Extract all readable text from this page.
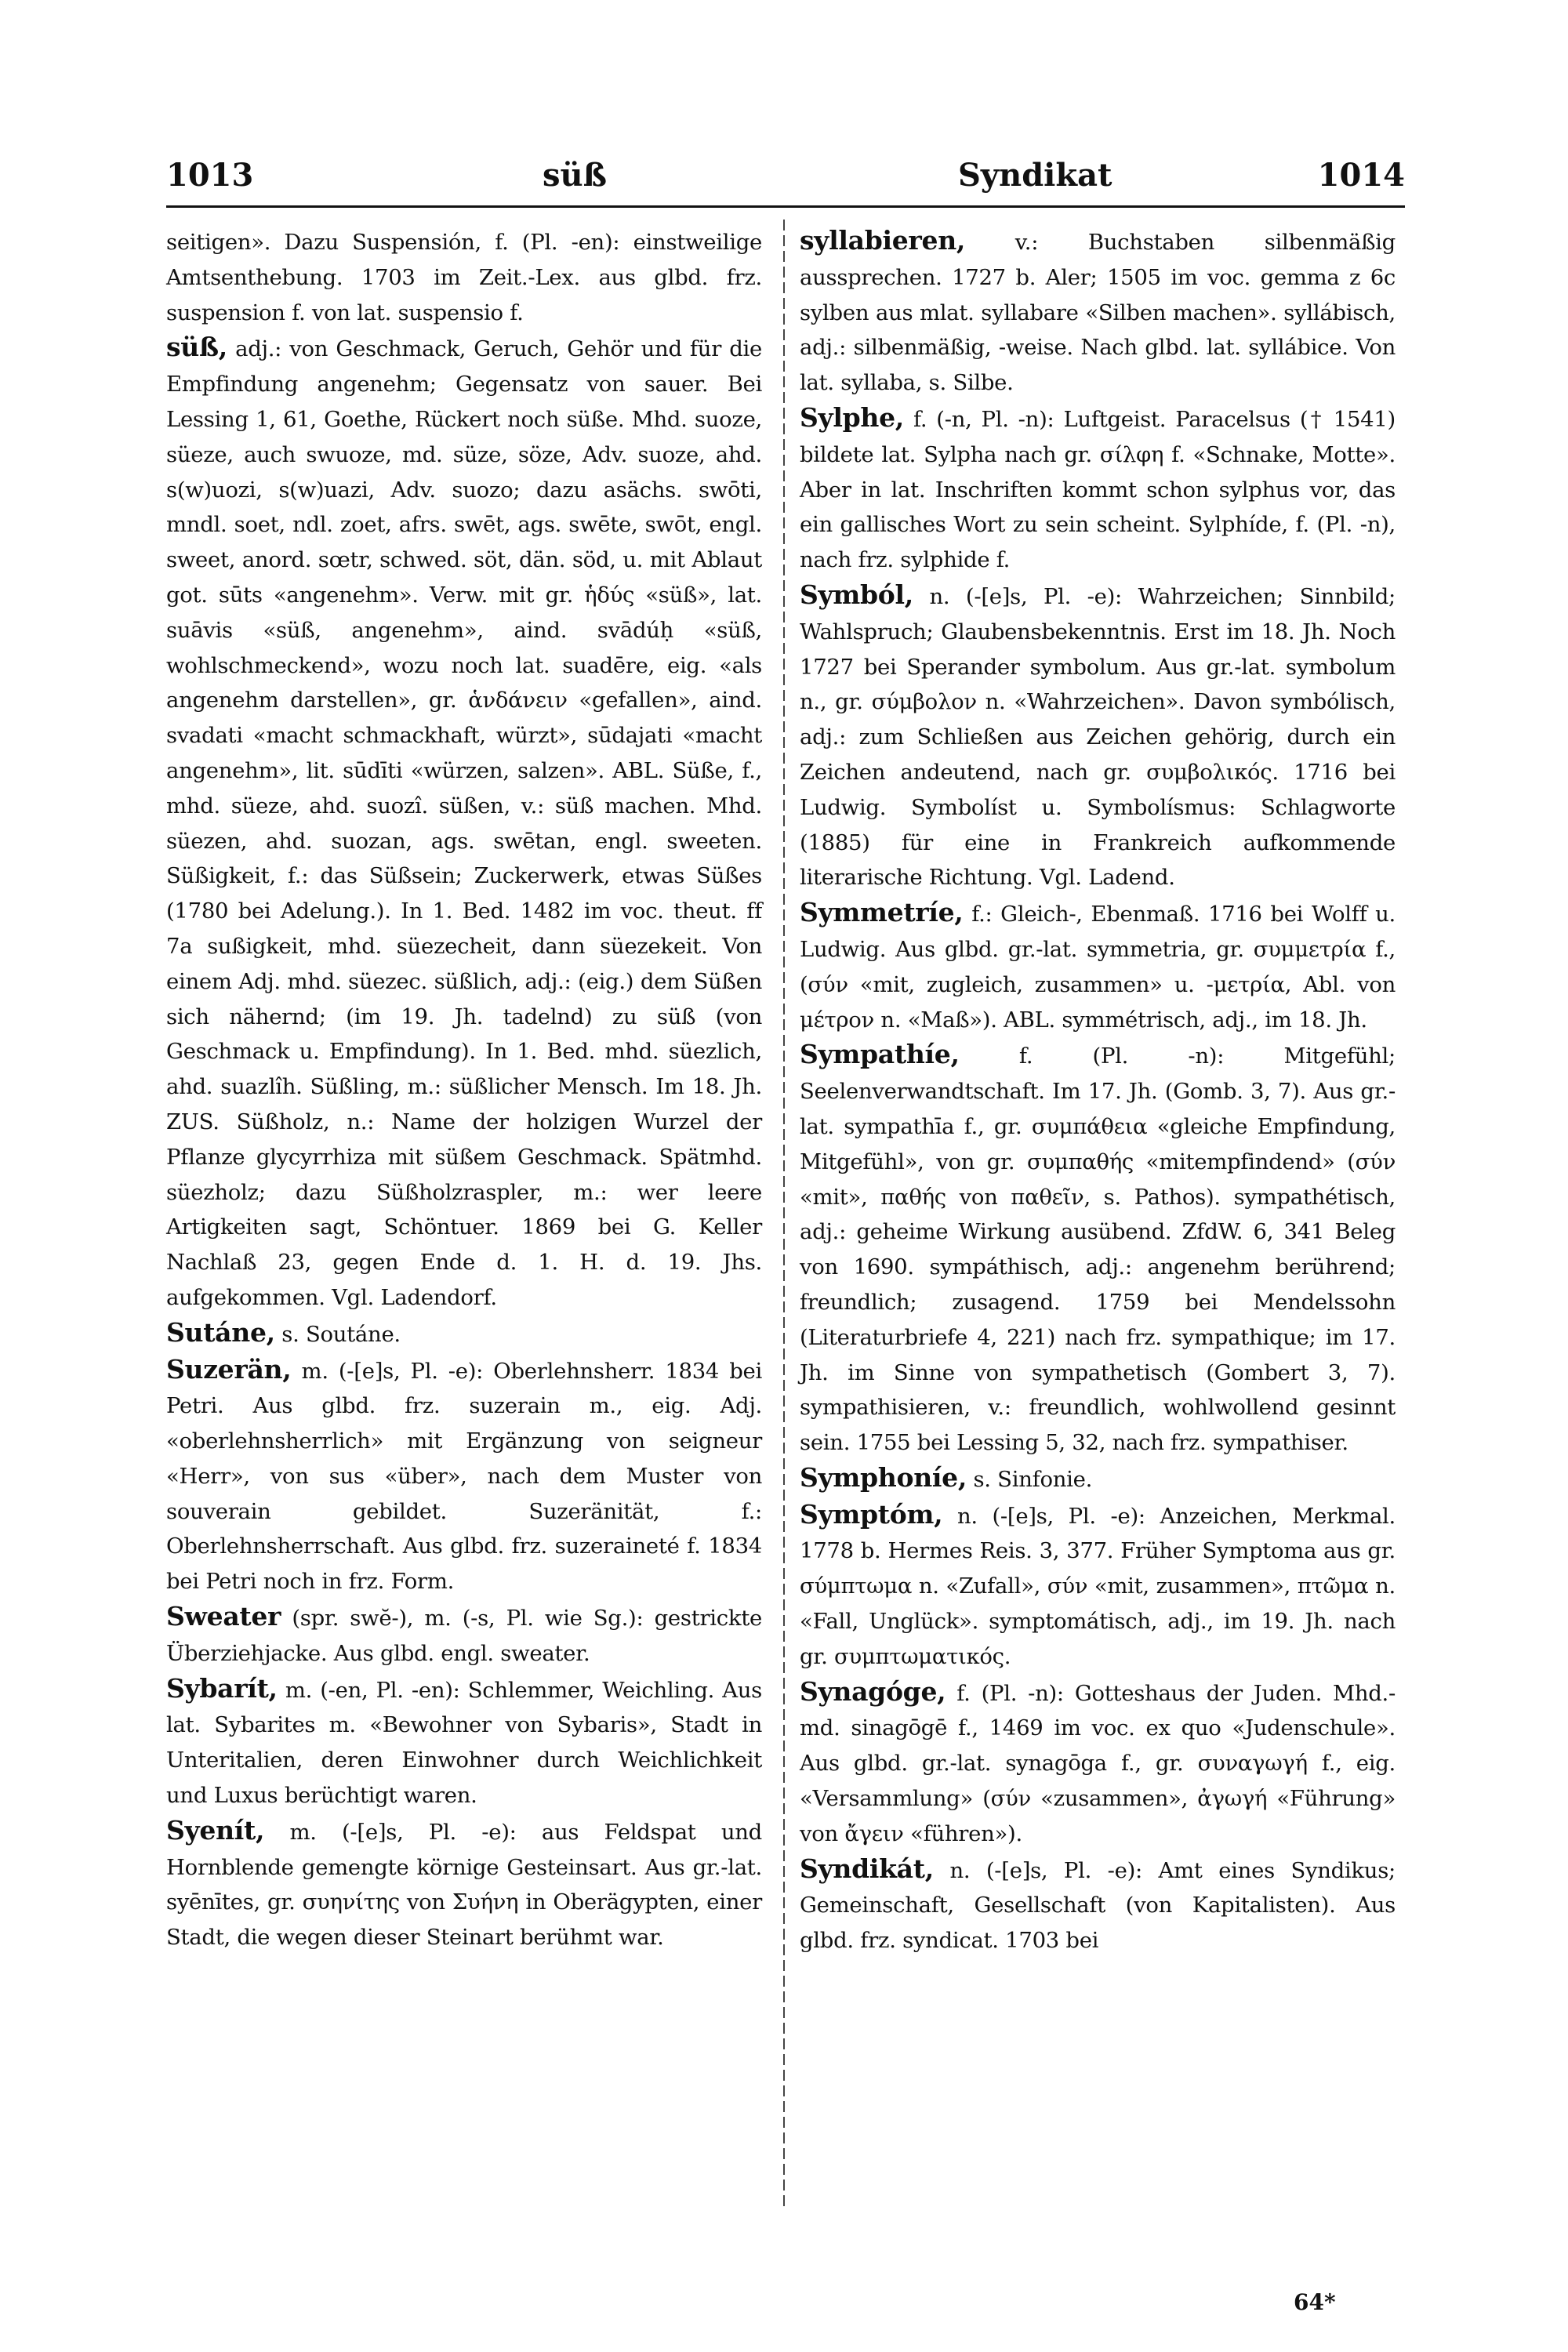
1013	süß	Syndikat	1014

seitigen». Dazu Suspensión, f. (Pl. -en): einstweilige Amtsenthebung. 1703 im Zeit.-Lex. aus glbd. frz. suspension f. von lat. suspensio f.

süß, adj.: von Geschmack, Geruch, Gehör und für die Empfindung angenehm; Gegensatz von sauer. Bei Lessing 1, 61, Goethe, Rückert noch süße. Mhd. suoze, süeze, auch swuoze, md. süze, söze, Adv. suoze, ahd. s(w)uozi, s(w)uazi, Adv. suozo; dazu asächs. swōti, mndl. soet, ndl. zoet, afrs. swēt, ags. swēte, swōt, engl. sweet, anord. sœtr, schwed. söt, dän. söd, u. mit Ablaut got. sūts «angenehm». Verw. mit gr. ἡδύς «süß», lat. suāvis «süß, angenehm», aind. svādúḥ «süß, wohlschmeckend», wozu noch lat. suadēre, eig. «als angenehm darstellen», gr. ἁνδάνειν «gefallen», aind. svadati «macht schmackhaft, würzt», sūdajati «macht angenehm», lit. sūdīti «würzen, salzen». ABL. Süße, f., mhd. süeze, ahd. suozî. süßen, v.: süß machen. Mhd. süezen, ahd. suozan, ags. swētan, engl. sweeten. Süßigkeit, f.: das Süßsein; Zuckerwerk, etwas Süßes (1780 bei Adelung.). In 1. Bed. 1482 im voc. theut. ff 7a sußigkeit, mhd. süezecheit, dann süezekeit. Von einem Adj. mhd. süezec. süßlich, adj.: (eig.) dem Süßen sich nähernd; (im 19. Jh. tadelnd) zu süß (von Geschmack u. Empfindung). In 1. Bed. mhd. süezlich, ahd. suazlîh. Süßling, m.: süßlicher Mensch. Im 18. Jh. ZUS. Süßholz, n.: Name der holzigen Wurzel der Pflanze glycyrrhiza mit süßem Geschmack. Spätmhd. süezholz; dazu Süßholzraspler, m.: wer leere Artigkeiten sagt, Schöntuer. 1869 bei G. Keller Nachlaß 23, gegen Ende d. 1. H. d. 19. Jhs. aufgekommen. Vgl. Ladendorf.

Sutáne, s. Soutáne.

Suzerän, m. (-[e]s, Pl. -e): Oberlehnsherr. 1834 bei Petri. Aus glbd. frz. suzerain m., eig. Adj. «oberlehnsherrlich» mit Ergänzung von seigneur «Herr», von sus «über», nach dem Muster von souverain gebildet. Suzeränität, f.: Oberlehnsherrschaft. Aus glbd. frz. suzeraineté f. 1834 bei Petri noch in frz. Form.

Sweater (spr. swĕ-), m. (-s, Pl. wie Sg.): gestrickte Überziehjacke. Aus glbd. engl. sweater.

Sybarít, m. (-en, Pl. -en): Schlemmer, Weichling. Aus lat. Sybarites m. «Bewohner von Sybaris», Stadt in Unteritalien, deren Einwohner durch Weichlichkeit und Luxus berüchtigt waren.

Syenít, m. (-[e]s, Pl. -e): aus Feldspat und Hornblende gemengte körnige Gesteinsart. Aus gr.-lat. syēnītes, gr. συηνίτης von Συήνη in Oberägypten, einer Stadt, die wegen dieser Steinart berühmt war.

syllabieren, v.: Buchstaben silbenmäßig aussprechen. 1727 b. Aler; 1505 im voc. gemma z 6c sylben aus mlat. syllabare «Silben machen». syllábisch, adj.: silbenmäßig, -weise. Nach glbd. lat. syllábice. Von lat. syllaba, s. Silbe.

Sylphe, f. (-n, Pl. -n): Luftgeist. Paracelsus († 1541) bildete lat. Sylpha nach gr. σίλφη f. «Schnake, Motte». Aber in lat. Inschriften kommt schon sylphus vor, das ein gallisches Wort zu sein scheint. Sylphíde, f. (Pl. -n), nach frz. sylphide f.

Symból, n. (-[e]s, Pl. -e): Wahrzeichen; Sinnbild; Wahlspruch; Glaubensbekenntnis. Erst im 18. Jh. Noch 1727 bei Sperander symbolum. Aus gr.-lat. symbolum n., gr. σύμβολον n. «Wahrzeichen». Davon symbólisch, adj.: zum Schließen aus Zeichen gehörig, durch ein Zeichen andeutend, nach gr. συμβολικός. 1716 bei Ludwig. Symbolíst u. Symbolísmus: Schlagworte (1885) für eine in Frankreich aufkommende literarische Richtung. Vgl. Ladend.

Symmetríe, f.: Gleich-, Ebenmaß. 1716 bei Wolff u. Ludwig. Aus glbd. gr.-lat. symmetria, gr. συμμετρία f., (σύν «mit, zugleich, zusammen» u. -μετρία, Abl. von μέτρον n. «Maß»). ABL. symmétrisch, adj., im 18. Jh.

Sympathíe,	f. (Pl. -n): Mitgefühl; Seelenverwandtschaft. Im 17. Jh. (Gomb. 3, 7). Aus gr.-lat. sympathīa f., gr. συμπάθεια «gleiche Empfindung, Mitgefühl», von gr. συμπαθής «mitempfindend» (σύν «mit», παθής von παθεῖν, s. Pathos). sympathétisch, adj.: geheime Wirkung ausübend. ZfdW. 6, 341 Beleg von 1690. sympáthisch, adj.: angenehm berührend; freundlich; zusagend. 1759 bei Mendelssohn (Literaturbriefe 4, 221) nach frz. sympathique; im 17. Jh. im Sinne von sympathetisch (Gombert 3, 7). sympathisieren, v.: freundlich, wohlwollend gesinnt sein. 1755 bei Lessing 5, 32, nach frz. sympathiser.

Symphoníe, s. Sinfonie.

Symptóm, n. (-[e]s, Pl. -e): Anzeichen, Merkmal. 1778 b. Hermes Reis. 3, 377. Früher Symptoma aus gr. σύμπτωμα n. «Zufall», σύν «mit, zusammen», πτῶμα n. «Fall, Unglück». symptomátisch, adj., im 19. Jh. nach gr. συμπτωματικός.

Synagóge, f. (Pl. -n): Gotteshaus der Juden. Mhd.-md. sinagōgē f., 1469 im voc. ex quo «Judenschule». Aus glbd. gr.-lat. synagōga f., gr. συναγωγή f., eig. «Versammlung» (σύν «zusammen», ἀγωγή «Führung» von ἄγειν «führen»).

Syndikát, n. (-[e]s, Pl. -e): Amt eines Syndikus; Gemeinschaft, Gesellschaft (von Kapitalisten). Aus glbd. frz. syndicat. 1703 bei

64*
